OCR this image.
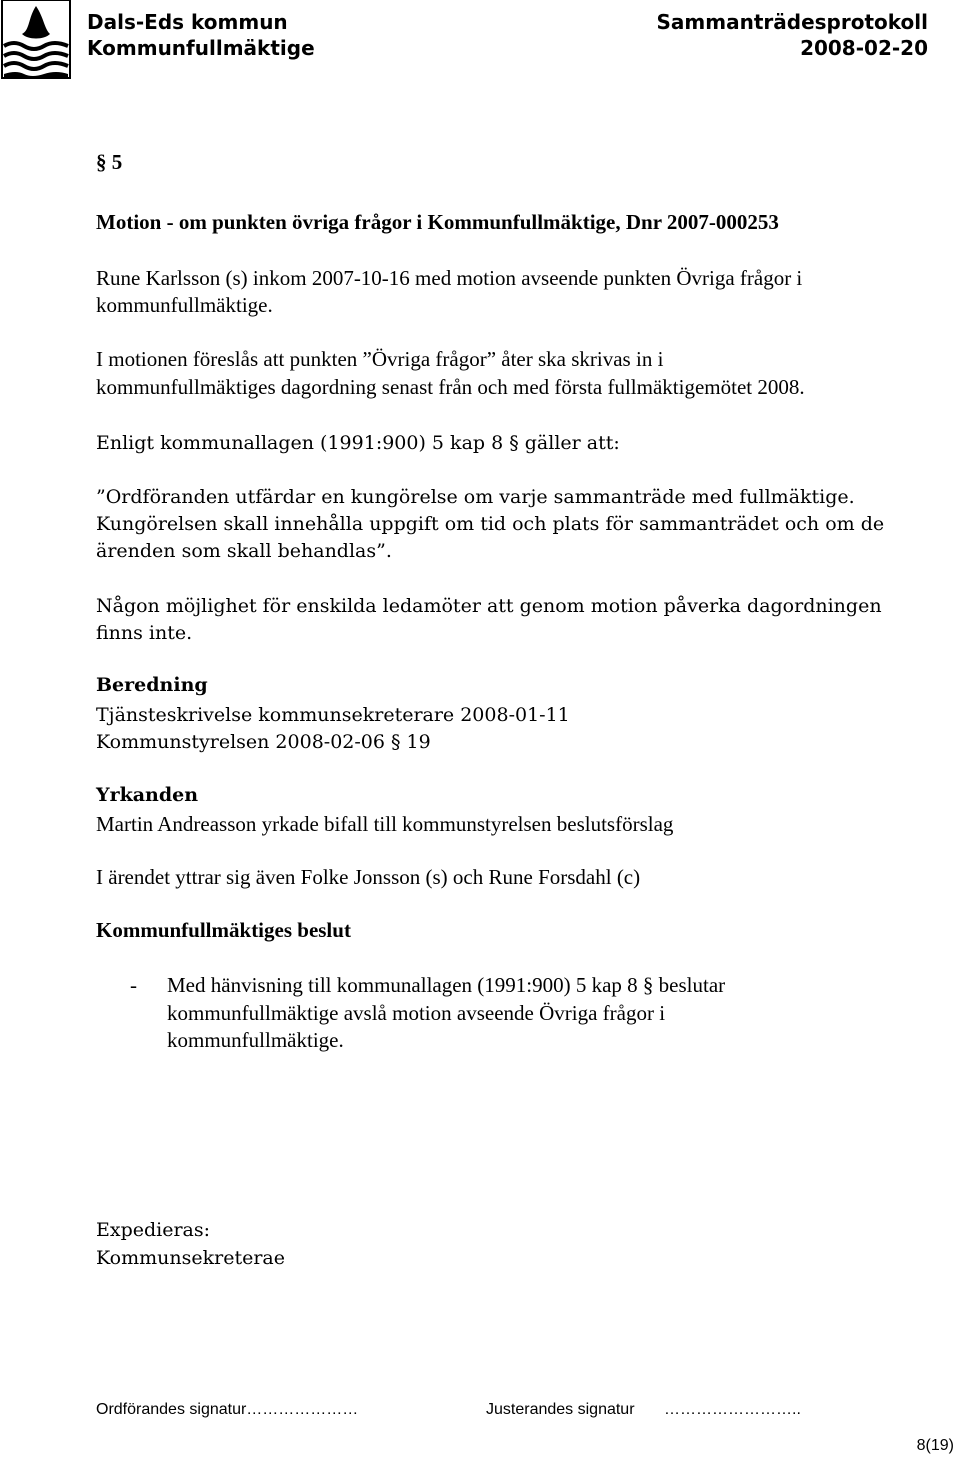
Dals-Eds kommun
Kommunfullmäktige
Sammanträdesprotokoll
2008-02-20
§ 5
Motion - om punkten övriga frågor i Kommunfullmäktige, Dnr 2007-000253
Rune Karlsson (s) inkom 2007-10-16 med motion avseende punkten Övriga frågor i
kommunfullmäktige.
I motionen föreslås att punkten ”Övriga frågor” åter ska skrivas in i
kommunfullmäktiges dagordning senast från och med första fullmäktigemötet 2008.
Enligt kommunallagen (1991:900) 5 kap 8 § gäller att:
”Ordföranden utfärdar en kungörelse om varje sammanträde med fullmäktige.
Kungörelsen skall innehålla uppgift om tid och plats för sammanträdet och om de
ärenden som skall behandlas”.
Någon möjlighet för enskilda ledamöter att genom motion påverka dagordningen
finns inte.
Beredning
Tjänsteskrivelse kommunsekreterare 2008-01-11
Kommunstyrelsen 2008-02-06 § 19
Yrkanden
Martin Andreasson yrkade bifall till kommunstyrelsen beslutsförslag
I ärendet yttrar sig även Folke Jonsson (s) och Rune Forsdahl (c)
Kommunfullmäktiges beslut
- Med hänvisning till kommunallagen (1991:900) 5 kap 8 § beslutar
kommunfullmäktige avslå motion avseende Övriga frågor i
kommunfullmäktige.
Expedieras:
Kommunsekreterae
Ordförandes signatur…………………	Justerandes signatur ……………………..
8(19)
